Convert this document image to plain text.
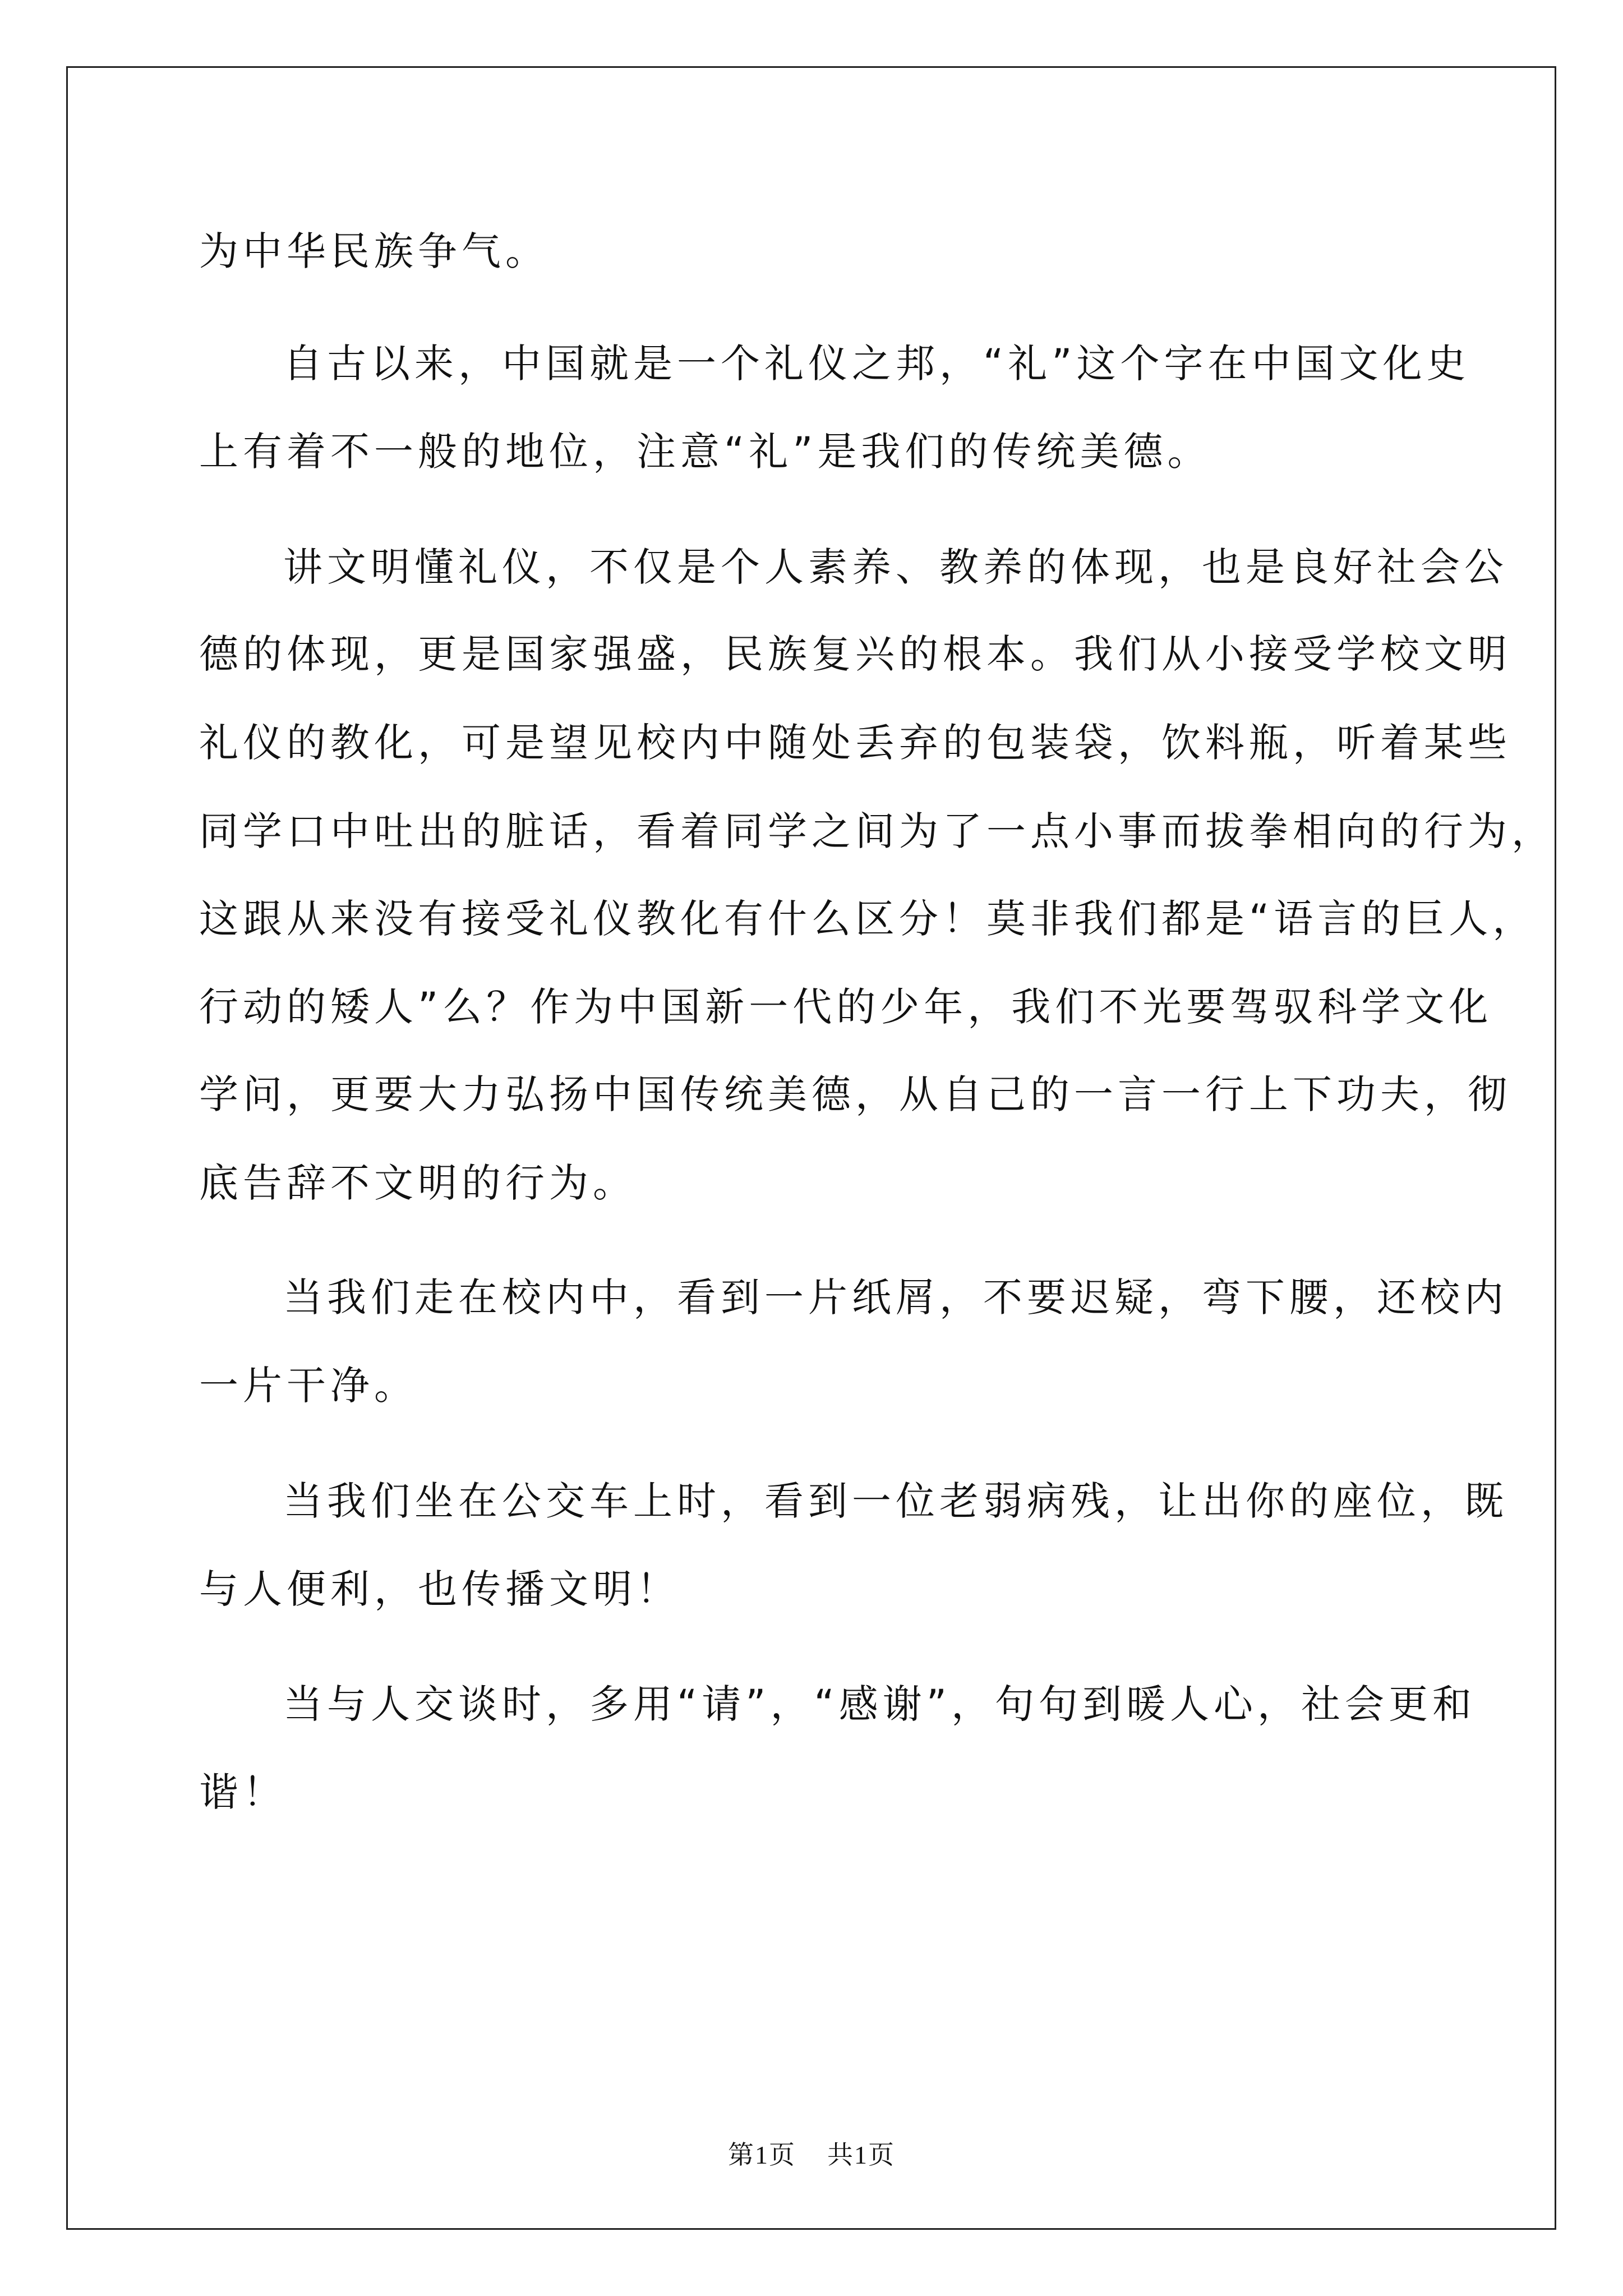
为中华民族争气。
自古以来，中国就是一个礼仪之邦，“礼”这个字在中国文化史
上有着不一般的地位，注意“礼”是我们的传统美德。
讲文明懂礼仪，不仅是个人素养、教养的体现，也是良好社会公
德的体现，更是国家强盛，民族复兴的根本。我们从小接受学校文明
礼仪的教化，可是望见校内中随处丢弃的包装袋，饮料瓶，听着某些
同学口中吐出的脏话，看着同学之间为了一点小事而拔拳相向的行为，
这跟从来没有接受礼仪教化有什么区分！莫非我们都是“语言的巨人，
行动的矮人”么？作为中国新一代的少年，我们不光要驾驭科学文化
学问，更要大力弘扬中国传统美德，从自己的一言一行上下功夫，彻
底告辞不文明的行为。
当我们走在校内中，看到一片纸屑，不要迟疑，弯下腰，还校内
一片干净。
当我们坐在公交车上时，看到一位老弱病残，让出你的座位，既
与人便利，也传播文明！
当与人交谈时，多用“请”，“感谢”，句句到暖人心，社会更和
谐！
第1页 共1页
